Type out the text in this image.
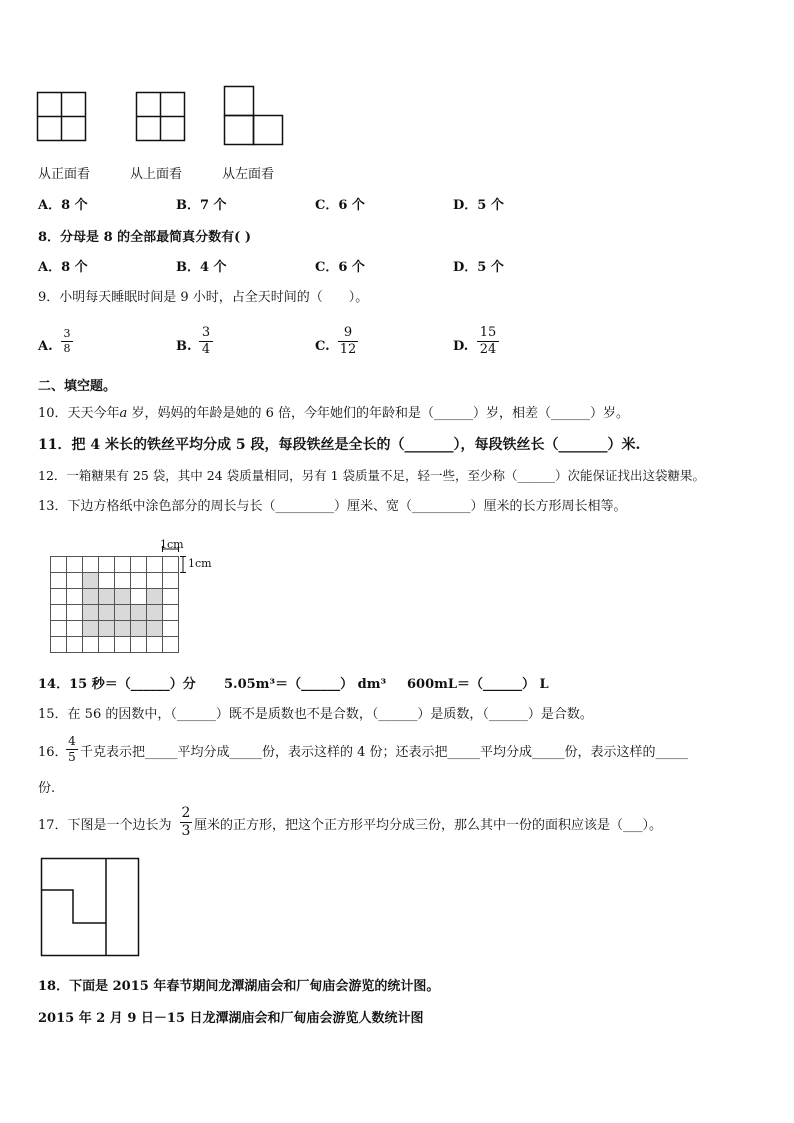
从正面看	从上面看	从左面看
A．8 个	B．7 个	C．6 个	D．5 个
8．分母是 8 的全部最简真分数有( )
A．8 个	B．4 个	C．6 个	D．5 个
9．小明每天睡眠时间是 9 小时，占全天时间的（　　）。
A.
3
8	B.
3
4	C.
9
12	D.
15
24
二、填空题。
10．天天今年a 岁，妈妈的年龄是她的 6 倍，今年她们的年龄和是（______）岁，相差（______）岁。
11．把 4 米长的铁丝平均分成 5 段，每段铁丝是全长的（_______），每段铁丝长（_______）米.
12．一箱糖果有 25 袋，其中 24 袋质量相同，另有 1 袋质量不足，轻一些，至少称（______）次能保证找出这袋糖果。
13．下边方格纸中涂色部分的周长与长（_________）厘米、宽（_________）厘米的长方形周长相等。
1cm
1cm
14．15 秒＝（______）分 5.05m³＝（______） dm³ 600mL＝（______） L
15．在 56 的因数中，（______）既不是质数也不是合数，（______）是质数，（______）是合数。
16．
4
5 千克表示把_____平均分成_____份，表示这样的 4 份；还表示把_____平均分成_____份，表示这样的_____
份.
17．下图是一个边长为
2
3 厘米的正方形，把这个正方形平均分成三份，那么其中一份的面积应该是（___）。
18．下面是 2015 年春节期间龙潭湖庙会和厂甸庙会游览的统计图。
2015 年 2 月 9 日－15 日龙潭湖庙会和厂甸庙会游览人数统计图
